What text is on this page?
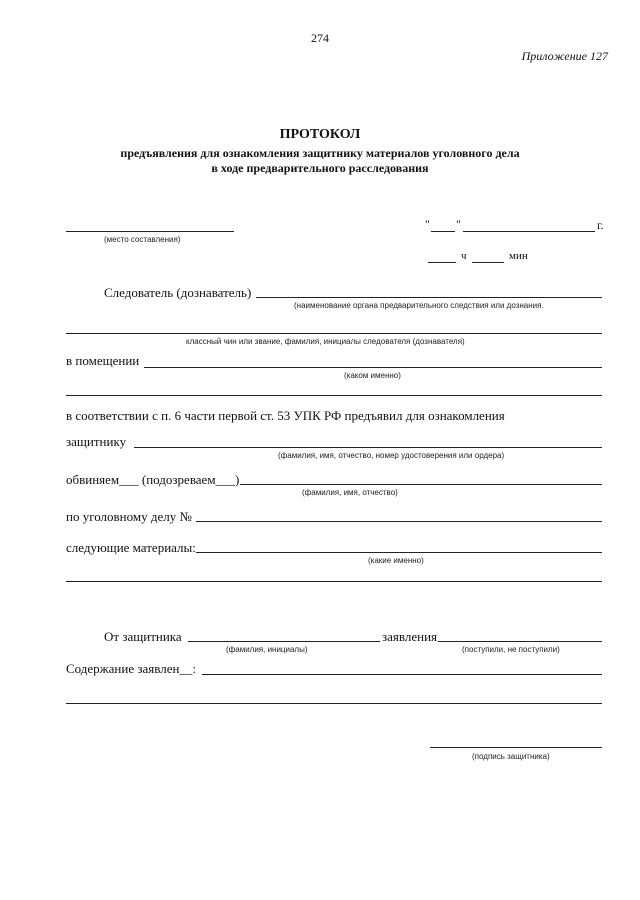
274
Приложение 127
ПРОТОКОЛ
предъявления для ознакомления защитнику материалов уголовного дела
в ходе предварительного расследования
(место составления)
" "	г.
ч	мин
Следователь (дознаватель)
(наименование органа предварительного следствия или дознания.
классный чин или звание, фамилия, инициалы следователя (дознавателя)
в помещении
(каком именно)
в соответствии с п. 6 части первой ст. 53 УПК РФ предъявил для ознакомления
защитнику
(фамилия, имя, отчество, номер удостоверения или ордера)
обвиняем___ (подозреваем___)
(фамилия, имя, отчество)
по уголовному делу №
следующие материалы:
(какие именно)
От защитника	заявления
(фамилия, инициалы)	(поступили, не поступили)
Содержание заявлен__:
(подпись защитника)
